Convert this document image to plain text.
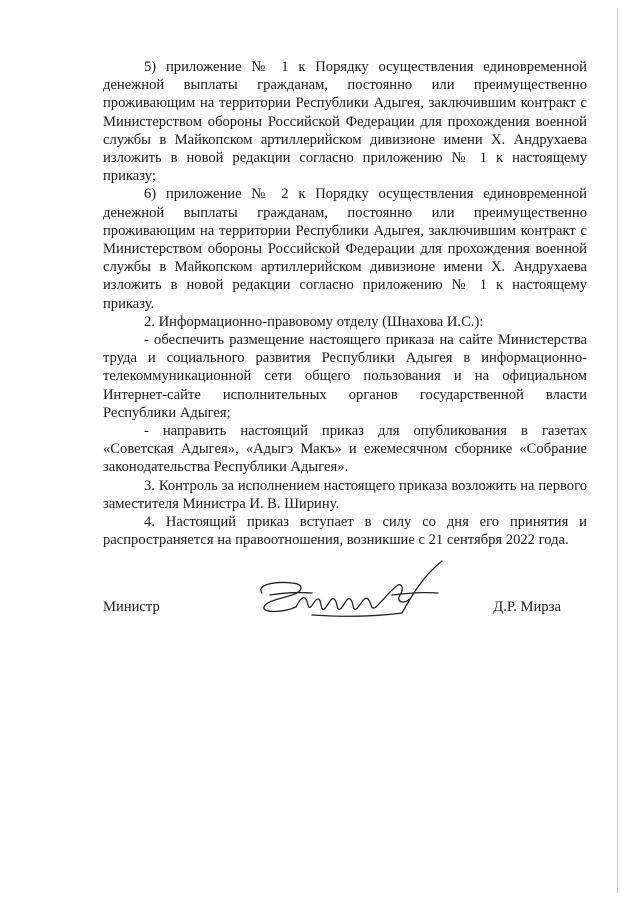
5) приложение № 1 к Порядку осуществления единовременной денежной выплаты гражданам, постоянно или преимущественно проживающим на территории Республики Адыгея, заключившим контракт с Министерством обороны Российской Федерации для прохождения военной службы в Майкопском артиллерийском дивизионе имени Х. Андрухаева изложить в новой редакции согласно приложению № 1 к настоящему приказу;

6) приложение № 2 к Порядку осуществления единовременной денежной выплаты гражданам, постоянно или преимущественно проживающим на территории Республики Адыгея, заключившим контракт с Министерством обороны Российской Федерации для прохождения военной службы в Майкопском артиллерийском дивизионе имени Х. Андрухаева изложить в новой редакции согласно приложению № 1 к настоящему приказу.

2. Информационно-правовому отделу (Шнахова И.С.):

- обеспечить размещение настоящего приказа на сайте Министерства труда и социального развития Республики Адыгея в информационно-телекоммуникационной сети общего пользования и на официальном Интернет-сайте исполнительных органов государственной власти Республики Адыгея;

- направить настоящий приказ для опубликования в газетах «Советская Адыгея», «Адыгэ Макъ» и ежемесячном сборнике «Собрание законодательства Республики Адыгея».

3. Контроль за исполнением настоящего приказа возложить на первого заместителя Министра И. В. Ширину.

4. Настоящий приказ вступает в силу со дня его принятия и распространяется на правоотношения, возникшие с 21 сентября 2022 года.

Министр	Д.Р. Мирза
